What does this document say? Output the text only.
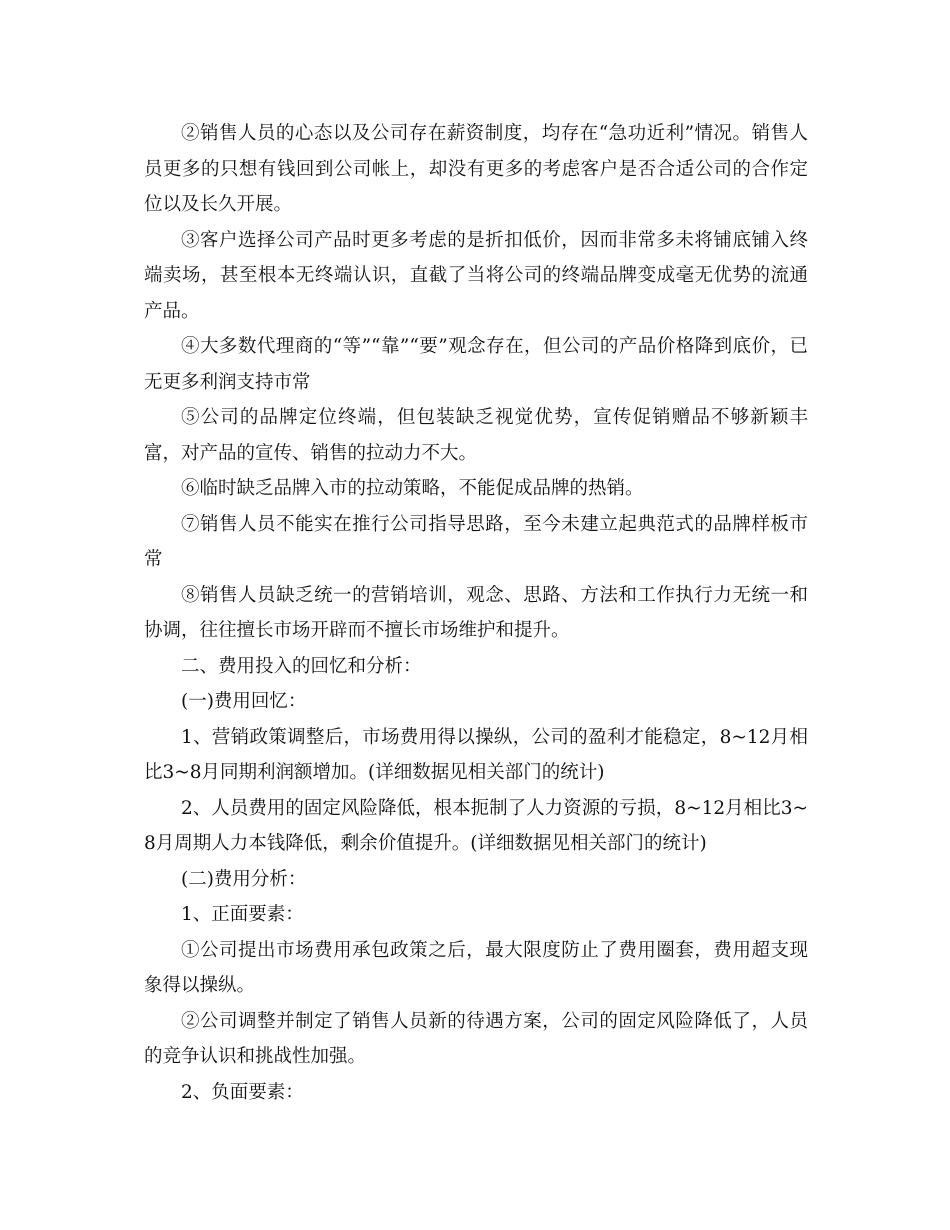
②销售人员的心态以及公司存在薪资制度，均存在“急功近利”情况。销售人员更多的只想有钱回到公司帐上，却没有更多的考虑客户是否合适公司的合作定位以及长久开展。

③客户选择公司产品时更多考虑的是折扣低价，因而非常多未将铺底铺入终端卖场，甚至根本无终端认识，直截了当将公司的终端品牌变成毫无优势的流通产品。

④大多数代理商的“等”“靠”“要”观念存在，但公司的产品价格降到底价，已无更多利润支持市常

⑤公司的品牌定位终端，但包装缺乏视觉优势，宣传促销赠品不够新颖丰富，对产品的宣传、销售的拉动力不大。

⑥临时缺乏品牌入市的拉动策略，不能促成品牌的热销。

⑦销售人员不能实在推行公司指导思路，至今未建立起典范式的品牌样板市常

⑧销售人员缺乏统一的营销培训，观念、思路、方法和工作执行力无统一和协调，往往擅长市场开辟而不擅长市场维护和提升。

二、费用投入的回忆和分析：

(一)费用回忆：

1、营销政策调整后，市场费用得以操纵，公司的盈利才能稳定，8~12月相比3~8月同期利润额增加。(详细数据见相关部门的统计)

2、人员费用的固定风险降低，根本扼制了人力资源的亏损，8~12月相比3~8月周期人力本钱降低，剩余价值提升。(详细数据见相关部门的统计)

(二)费用分析：

1、正面要素：

①公司提出市场费用承包政策之后，最大限度防止了费用圈套，费用超支现象得以操纵。

②公司调整并制定了销售人员新的待遇方案，公司的固定风险降低了，人员的竞争认识和挑战性加强。

2、负面要素：
